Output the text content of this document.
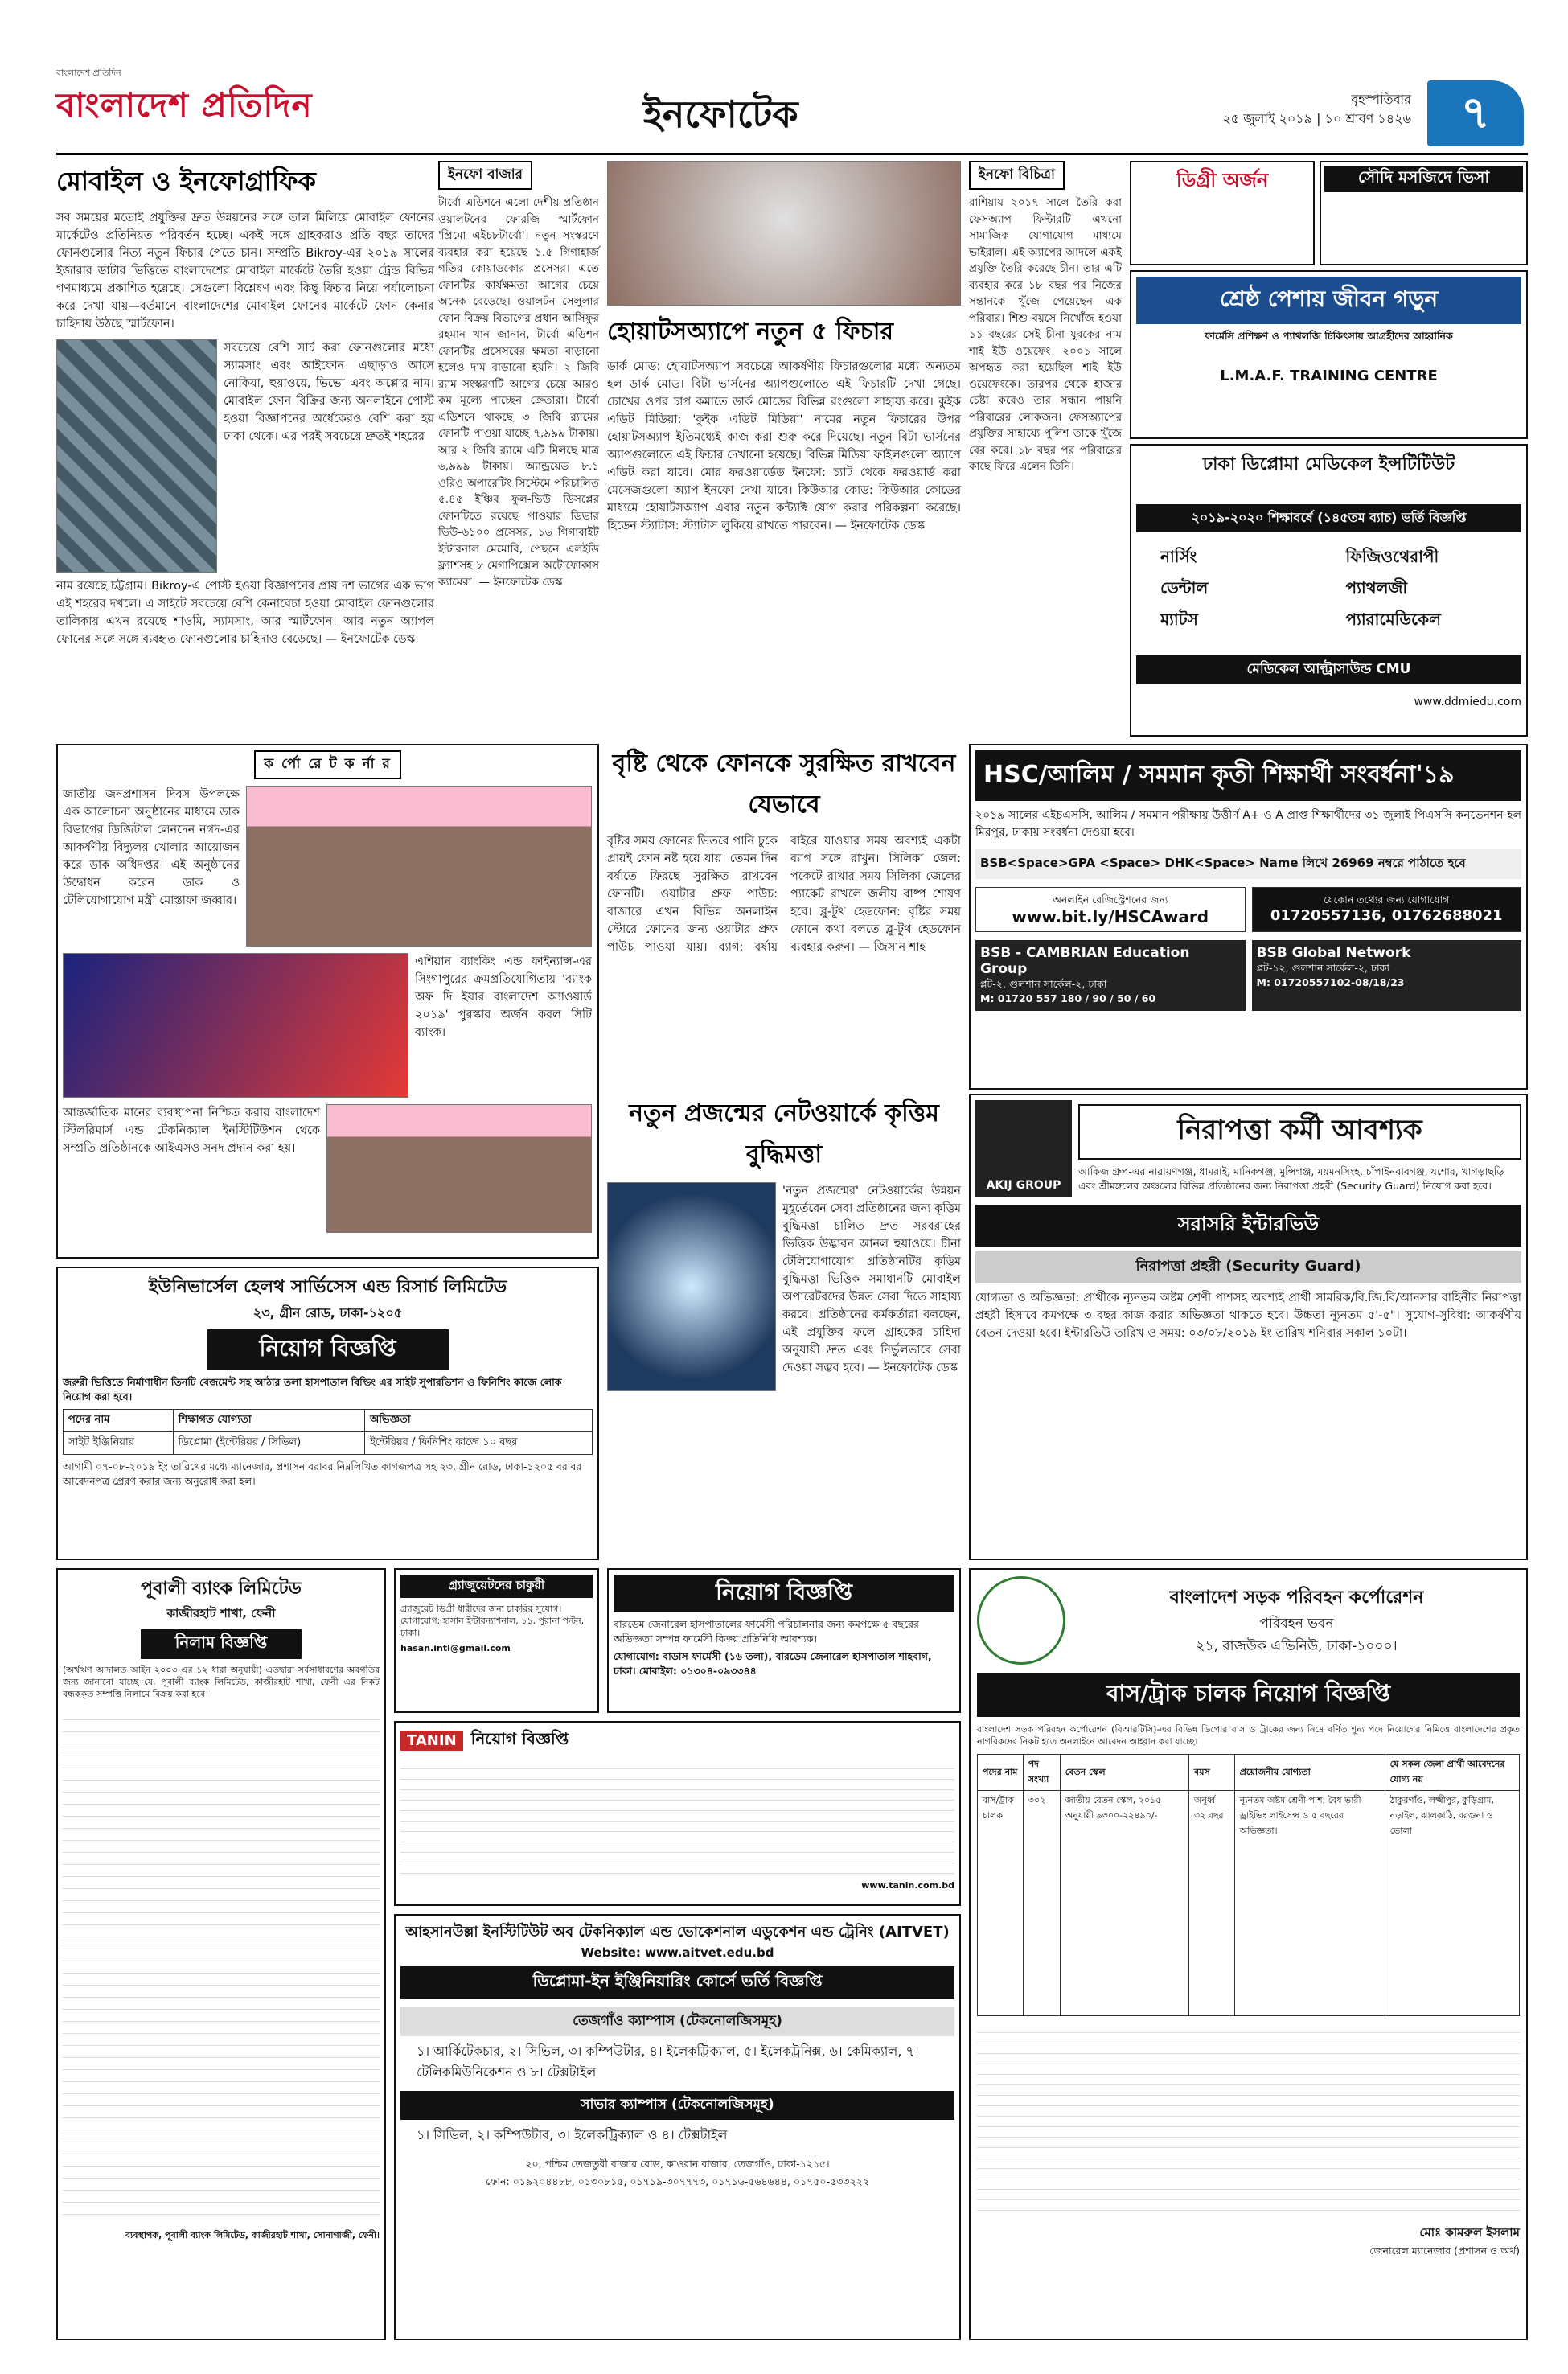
বাংলাদেশ প্রতিদিন
বাংলাদেশ প্রতিদিন	ইনফোটেক	বৃহস্পতিবার
২৫ জুলাই ২০১৯ | ১০ শ্রাবণ ১৪২৬	৭
মোবাইল ও ইনফোগ্রাফিক
সব সময়ের মতোই প্রযুক্তির দ্রুত উন্নয়নের সঙ্গে তাল মিলিয়ে মোবাইল ফোনের মার্কেটেও প্রতিনিয়ত পরিবর্তন হচ্ছে। একই সঙ্গে গ্রাহকরাও প্রতি বছর তাদের ফোনগুলোর নিত্য নতুন ফিচার পেতে চান। সম্প্রতি Bikroy-এর ২০১৯ সালের ইজারার ডাটার ভিত্তিতে বাংলাদেশের মোবাইল মার্কেটে তৈরি হওয়া ট্রেন্ড বিভিন্ন গণমাধ্যমে প্রকাশিত হয়েছে। সেগুলো বিশ্লেষণ এবং কিছু ফিচার নিয়ে পর্যালোচনা করে দেখা যায়—বর্তমানে বাংলাদেশের মোবাইল ফোনের মার্কেটে ফোন কেনার চাহিদায় উঠছে স্মার্টফোন।
সবচেয়ে বেশি সার্চ করা ফোনগুলোর মধ্যে স্যামসাং এবং আইফোন। এছাড়াও আসে নোকিয়া, হুয়াওয়ে, ভিভো এবং অপ্পোর নাম। মোবাইল ফোন বিক্রির জন্য অনলাইনে পোস্ট হওয়া বিজ্ঞাপনের অর্ধেকেরও বেশি করা হয় ঢাকা থেকে। এর পরই সবচেয়ে দ্রুতই শহরের
নাম রয়েছে চট্টগ্রাম। Bikroy-এ পোস্ট হওয়া বিজ্ঞাপনের প্রায় দশ ভাগের এক ভাগ এই শহরের দখলে। এ সাইটে সবচেয়ে বেশি কেনাবেচা হওয়া মোবাইল ফোনগুলোর তালিকায় এখন রয়েছে শাওমি, স্যামসাং, আর স্মার্টফোন। আর নতুন অ্যাপল ফোনের সঙ্গে সঙ্গে ব্যবহৃত ফোনগুলোর চাহিদাও বেড়েছে। — ইনফোটেক ডেস্ক
ইনফো বাজার
টার্বো এডিশনে এলো দেশীয় প্রতিষ্ঠান ওয়ালটনের ফোরজি স্মার্টফোন 'প্রিমো এইচ৮টার্বো'। নতুন সংস্করণে ব্যবহার করা হয়েছে ১.৫ গিগাহার্জ গতির কোয়াডকোর প্রসেসর। এতে ফোনটির কার্যক্ষমতা আগের চেয়ে অনেক বেড়েছে। ওয়ালটন সেলুলার ফোন বিক্রয় বিভাগের প্রধান আসিফুর রহমান খান জানান, টার্বো এডিশন ফোনটির প্রসেসরের ক্ষমতা বাড়ানো হলেও দাম বাড়ানো হয়নি। ২ জিবি র‌্যাম সংস্করণটি আগের চেয়ে আরও কম মূল্যে পাচ্ছেন ক্রেতারা। টার্বো এডিশনে থাকছে ৩ জিবি র‌্যামের ফোনটি পাওয়া যাচ্ছে ৭,৯৯৯ টাকায়। আর ২ জিবি র‌্যামে এটি মিলছে মাত্র ৬,৯৯৯ টাকায়। অ্যান্ড্রয়েড ৮.১ ওরিও অপারেটিং সিস্টেমে পরিচালিত ৫.৪৫ ইঞ্চির ফুল-ভিউ ডিসপ্লের ফোনটিতে রয়েছে পাওয়ার ডিভার ভিউ-৬১০০ প্রসেসর, ১৬ গিগাবাইট ইন্টারনাল মেমোরি, পেছনে এলইডি ফ্ল্যাশসহ ৮ মেগাপিক্সেল অটোফোকাস ক্যামেরা। — ইনফোটেক ডেস্ক
হোয়াটসঅ্যাপে নতুন ৫ ফিচার
ডার্ক মোড: হোয়াটসঅ্যাপ সবচেয়ে আকর্ষণীয় ফিচারগুলোর মধ্যে অন্যতম হল ডার্ক মোড। বিটা ভার্সনের অ্যাপগুলোতে এই ফিচারটি দেখা গেছে। চোখের ওপর চাপ কমাতে ডার্ক মোডের বিভিন্ন রংগুলো সাহায্য করে। কুইক এডিট মিডিয়া: 'কুইক এডিট মিডিয়া' নামের নতুন ফিচারের উপর হোয়াটসঅ্যাপ ইতিমধ্যেই কাজ করা শুরু করে দিয়েছে। নতুন বিটা ভার্সনের অ্যাপগুলোতে এই ফিচার দেখানো হয়েছে। বিভিন্ন মিডিয়া ফাইলগুলো অ্যাপে এডিট করা যাবে। মোর ফরওয়ার্ডেড ইনফো: চ্যাট থেকে ফরওয়ার্ড করা মেসেজগুলো অ্যাপ ইনফো দেখা যাবে। কিউআর কোড: কিউআর কোডের মাধ্যমে হোয়াটসঅ্যাপ এবার নতুন কন্ট্যাক্ট যোগ করার পরিকল্পনা করেছে। হিডেন স্ট্যাটাস: স্ট্যাটাস লুকিয়ে রাখতে পারবেন। — ইনফোটেক ডেস্ক
ইনফো বিচিত্রা
রাশিয়ায় ২০১৭ সালে তৈরি করা ফেসঅ্যাপ ফিল্টারটি এখনো সামাজিক যোগাযোগ মাধ্যমে ভাইরাল। এই অ্যাপের আদলে একই প্রযুক্তি তৈরি করেছে চীন। তার এটি ব্যবহার করে ১৮ বছর পর নিজের সন্তানকে খুঁজে পেয়েছেন এক পরিবার। শিশু বয়সে নিখোঁজ হওয়া ১১ বছরের সেই চীনা যুবকের নাম শাই ইউ ওয়েফেং। ২০০১ সালে অপহৃত করা হয়েছিল শাই ইউ ওয়েফেংকে। তারপর থেকে হাজার চেষ্টা করেও তার সন্ধান পায়নি পরিবারের লোকজন। ফেসঅ্যাপের প্রযুক্তির সাহায্যে পুলিশ তাকে খুঁজে বের করে। ১৮ বছর পর পরিবারের কাছে ফিরে এলেন তিনি।
ডিগ্রী অর্জন	সৌদি মসজিদে ভিসা
শ্রেষ্ঠ পেশায় জীবন গড়ুন
ফার্মেসি প্রশিক্ষণ ও প্যাথলজি চিকিৎসায় আগ্রহীদের আহ্বানিক
L.M.A.F. TRAINING CENTRE
ঢাকা ডিপ্লোমা মেডিকেল ইন্সটিটিউট
২০১৯-২০২০ শিক্ষাবর্ষে (১৪৫তম ব্যাচ) ভর্তি বিজ্ঞপ্তি
নার্সিং	ফিজিওথেরাপী
ডেন্টাল	প্যাথলজী
ম্যাটস	প্যারামেডিকেল
মেডিকেল আল্ট্রাসাউন্ড CMU
www.ddmiedu.com
ক র্পো রে ট ক র্না র
জাতীয় জনপ্রশাসন দিবস উপলক্ষে এক আলোচনা অনুষ্ঠানের মাধ্যমে ডাক বিভাগের ডিজিটাল লেনদেন নগদ-এর আকর্ষণীয় বিদ্যুলয় খোলার আয়োজন করে ডাক অধিদপ্তর। এই অনুষ্ঠানের উদ্বোধন করেন ডাক ও টেলিযোগাযোগ মন্ত্রী মোস্তাফা জব্বার।
এশিয়ান ব্যাংকিং এন্ড ফাইন্যান্স-এর সিংগাপুরের ক্রমপ্রতিযোগিতায় 'ব্যাংক অফ দি ইয়ার বাংলাদেশ অ্যাওয়ার্ড ২০১৯' পুরস্কার অর্জন করল সিটি ব্যাংক।
আন্তর্জাতিক মানের ব্যবস্থাপনা নিশ্চিত করায় বাংলাদেশ স্টিলরিমার্স এন্ড টেকনিক্যাল ইনস্টিটিউশন থেকে সম্প্রতি প্রতিষ্ঠানকে আইএসও সনদ প্রদান করা হয়।
বৃষ্টি থেকে ফোনকে সুরক্ষিত রাখবেন যেভাবে
বৃষ্টির সময় ফোনের ভিতরে পানি ঢুকে প্রায়ই ফোন নষ্ট হয়ে যায়। তেমন দিন বর্ষাতে ফিরছে সুরক্ষিত রাখবেন ফোনটি। ওয়াটার প্রুফ পাউচ: বাজারে এখন বিভিন্ন অনলাইন স্টোরে ফোনের জন্য ওয়াটার প্রুফ পাউচ পাওয়া যায়। ব্যাগ: বর্ষায় বাইরে যাওয়ার সময় অবশ্যই একটা ব্যাগ সঙ্গে রাখুন। সিলিকা জেল: পকেটে রাখার সময় সিলিকা জেলের প্যাকেট রাখলে জলীয় বাষ্প শোষণ হবে। ব্লু-টুথ হেডফোন: বৃষ্টির সময় ফোনে কথা বলতে ব্লু-টুথ হেডফোন ব্যবহার করুন। — জিসান শাহ
নতুন প্রজন্মের নেটওয়ার্কে কৃত্তিম বুদ্ধিমত্তা
'নতুন প্রজন্মের' নেটওয়ার্কের উন্নয়ন মুহূর্তেরেন সেবা প্রতিষ্ঠানের জন্য কৃত্তিম বুদ্ধিমত্তা চালিত দ্রুত সরবরাহের ভিত্তিক উদ্ভাবন আনল হুয়াওয়ে। চীনা টেলিযোগাযোগ প্রতিষ্ঠানটির কৃত্তিম বুদ্ধিমত্তা ভিত্তিক সমাধানটি মোবাইল অপারেটরদের উন্নত সেবা দিতে সাহায্য করবে। প্রতিষ্ঠানের কর্মকর্তারা বলছেন, এই প্রযুক্তির ফলে গ্রাহকের চাহিদা অনুযায়ী দ্রুত এবং নির্ভুলভাবে সেবা দেওয়া সম্ভব হবে। — ইনফোটেক ডেস্ক
HSC/আলিম / সমমান কৃতী শিক্ষার্থী সংবর্ধনা'১৯
২০১৯ সালের এইচএসসি, আলিম / সমমান পরীক্ষায় উত্তীর্ণ A+ ও A প্রাপ্ত শিক্ষার্থীদের ৩১ জুলাই পিএসসি কনভেনশন হল মিরপুর, ঢাকায় সংবর্ধনা দেওয়া হবে।
BSB<Space>GPA <Space> DHK<Space> Name লিখে 26969 নম্বরে পাঠাতে হবে
অনলাইন রেজিস্ট্রেশনের জন্য
www.bit.ly/HSCAward
যেকোন তথ্যের জন্য যোগাযোগ
01720557136, 01762688021
BSB - CAMBRIAN Education Group
প্লট-২, গুলশান সার্কেল-২, ঢাকা
M: 01720 557 180 / 90 / 50 / 60
BSB Global Network
প্লট-১২, গুলশান সার্কেল-২, ঢাকা
M: 01720557102-08/18/23
AKIJ GROUP
নিরাপত্তা কর্মী আবশ্যক
আকিজ গ্রুপ-এর নারায়ণগঞ্জ, ধামরাই, মানিকগঞ্জ, মুন্সিগঞ্জ, ময়মনসিংহ, চাঁপাইনবাবগঞ্জ, যশোর, খাগড়াছড়ি এবং শ্রীমঙ্গলের অঞ্চলের বিভিন্ন প্রতিষ্ঠানের জন্য নিরাপত্তা প্রহরী (Security Guard) নিয়োগ করা হবে।
সরাসরি ইন্টারভিউ
নিরাপত্তা প্রহরী (Security Guard)
যোগ্যতা ও অভিজ্ঞতা: প্রার্থীকে ন্যূনতম অষ্টম শ্রেণী পাশসহ অবশ্যই প্রার্থী সামরিক/বি.জি.বি/আনসার বাহিনীর নিরাপত্তা প্রহরী হিসাবে কমপক্ষে ৩ বছর কাজ করার অভিজ্ঞতা থাকতে হবে। উচ্চতা ন্যূনতম ৫'-৫"। সুযোগ-সুবিধা: আকর্ষণীয় বেতন দেওয়া হবে। ইন্টারভিউ তারিখ ও সময়: ০৩/০৮/২০১৯ ইং তারিখ শনিবার সকাল ১০টা।
ইউনিভার্সেল হেলথ সার্ভিসেস এন্ড রিসার্চ লিমিটেড
২৩, গ্রীন রোড, ঢাকা-১২০৫
নিয়োগ বিজ্ঞপ্তি
জরুরী ভিত্তিতে নির্মাণাধীন তিনটি বেজমেন্ট সহ আঠার তলা হাসপাতাল বিল্ডিং এর সাইট সুপারভিশন ও ফিনিশিং কাজে লোক নিয়োগ করা হবে।
পদের নাম	শিক্ষাগত যোগ্যতা	অভিজ্ঞতা
সাইট ইঞ্জিনিয়ার	ডিপ্লোমা (ইন্টেরিয়র / সিভিল)	ইন্টেরিয়র / ফিনিশিং কাজে ১০ বছর
আগামী ০৭-০৮-২০১৯ ইং তারিখের মধ্যে ম্যানেজার, প্রশাসন বরাবর নিম্নলিখিত কাগজপত্র সহ ২৩, গ্রীন রোড, ঢাকা-১২০৫ বরাবর আবেদনপত্র প্রেরণ করার জন্য অনুরোধ করা হল।
পূবালী ব্যাংক লিমিটেড
কাজীরহাট শাখা, ফেনী
নিলাম বিজ্ঞপ্তি
(অর্থঋণ আদালত আইন ২০০৩ এর ১২ ধারা অনুযায়ী) এতদ্বারা সর্বসাধারণের অবগতির জন্য জানানো যাচ্ছে যে, পূবালী ব্যাংক লিমিটেড, কাজীরহাট শাখা, ফেনী এর নিকট বন্ধককৃত সম্পত্তি নিলামে বিক্রয় করা হবে।
ব্যবস্থাপক, পূবালী ব্যাংক লিমিটেড, কাজীরহাট শাখা, সোনাগাজী, ফেনী।
গ্র্যাজুয়েটদের চাকুরী
গ্র্যাজুয়েট ডিগ্রী ধারীদের জন্য চাকরির সুযোগ। যোগাযোগ: হাসান ইন্টারন্যাশনাল, ১১, পুরানা পল্টন, ঢাকা।
hasan.intl@gmail.com
নিয়োগ বিজ্ঞপ্তি
বারডেম জেনারেল হাসপাতালের ফার্মেসী পরিচালনার জন্য কমপক্ষে ৫ বছরের অভিজ্ঞতা সম্পন্ন ফার্মেসী বিক্রয় প্রতিনিধি আবশ্যক।
যোগাযোগ: বাডাস ফার্মেসী (১৬ তলা), বারডেম জেনারেল হাসপাতাল শাহবাগ, ঢাকা। মোবাইল: ০১৩০৪-০৯৩৩৪৪
TANIN নিয়োগ বিজ্ঞপ্তি
www.tanin.com.bd
আহসানউল্লা ইনস্টিটিউট অব টেকনিক্যাল এন্ড ভোকেশনাল এডুকেশন এন্ড ট্রেনিং (AITVET)
Website: www.aitvet.edu.bd
ডিপ্লোমা-ইন ইঞ্জিনিয়ারিং কোর্সে ভর্তি বিজ্ঞপ্তি
তেজগাঁও ক্যাম্পাস (টেকনোলজিসমূহ)
১। আর্কিটেকচার, ২। সিভিল, ৩। কম্পিউটার, ৪। ইলেকট্রিক্যাল, ৫। ইলেকট্রনিক্স, ৬। কেমিক্যাল, ৭। টেলিকমিউনিকেশন ও ৮। টেক্সটাইল
সাভার ক্যাম্পাস (টেকনোলজিসমূহ)
১। সিভিল, ২। কম্পিউটার, ৩। ইলেকট্রিক্যাল ও ৪। টেক্সটাইল
২০, পশ্চিম তেজতুরী বাজার রোড, কাওরান বাজার, তেজগাঁও, ঢাকা-১২১৫।
ফোন: ০১৯২০৪৪৮৮, ০১৩০৮১৫, ০১৭১৯-৩০৭৭৭৩, ০১৭১৬-৫৬৪৬৪৪, ০১৭৫০-৫৩৩২২২
বাংলাদেশ সড়ক পরিবহন কর্পোরেশন
পরিবহন ভবন
২১, রাজউক এভিনিউ, ঢাকা-১০০০।
বাস/ট্রাক চালক নিয়োগ বিজ্ঞপ্তি
বাংলাদেশ সড়ক পরিবহন কর্পোরেশন (বিআরটিসি)-এর বিভিন্ন ডিপোর বাস ও ট্রাকের জন্য নিম্নে বর্ণিত শূন্য পদে নিয়োগের নিমিত্তে বাংলাদেশের প্রকৃত নাগরিকদের নিকট হতে অনলাইনে আবেদন আহ্বান করা যাচ্ছে।
পদের নাম	পদ সংখ্যা	বেতন স্কেল	বয়স	প্রয়োজনীয় যোগ্যতা	যে সকল জেলা প্রার্থী আবেদনের যোগ্য নয়
বাস/ট্রাক চালক	৩০২	জাতীয় বেতন স্কেল, ২০১৫ অনুযায়ী ৯৩০০-২২৪৯০/-	অনূর্ধ্ব ৩২ বছর	ন্যূনতম অষ্টম শ্রেণী পাশ; বৈধ ভারী ড্রাইভিং লাইসেন্স ও ৫ বছরের অভিজ্ঞতা।	ঠাকুরগাঁও, লক্ষ্মীপুর, কুড়িগ্রাম, নড়াইল, ঝালকাঠি, বরগুনা ও ভোলা
মোঃ কামরুল ইসলাম
জেনারেল ম্যানেজার (প্রশাসন ও অর্থ)
